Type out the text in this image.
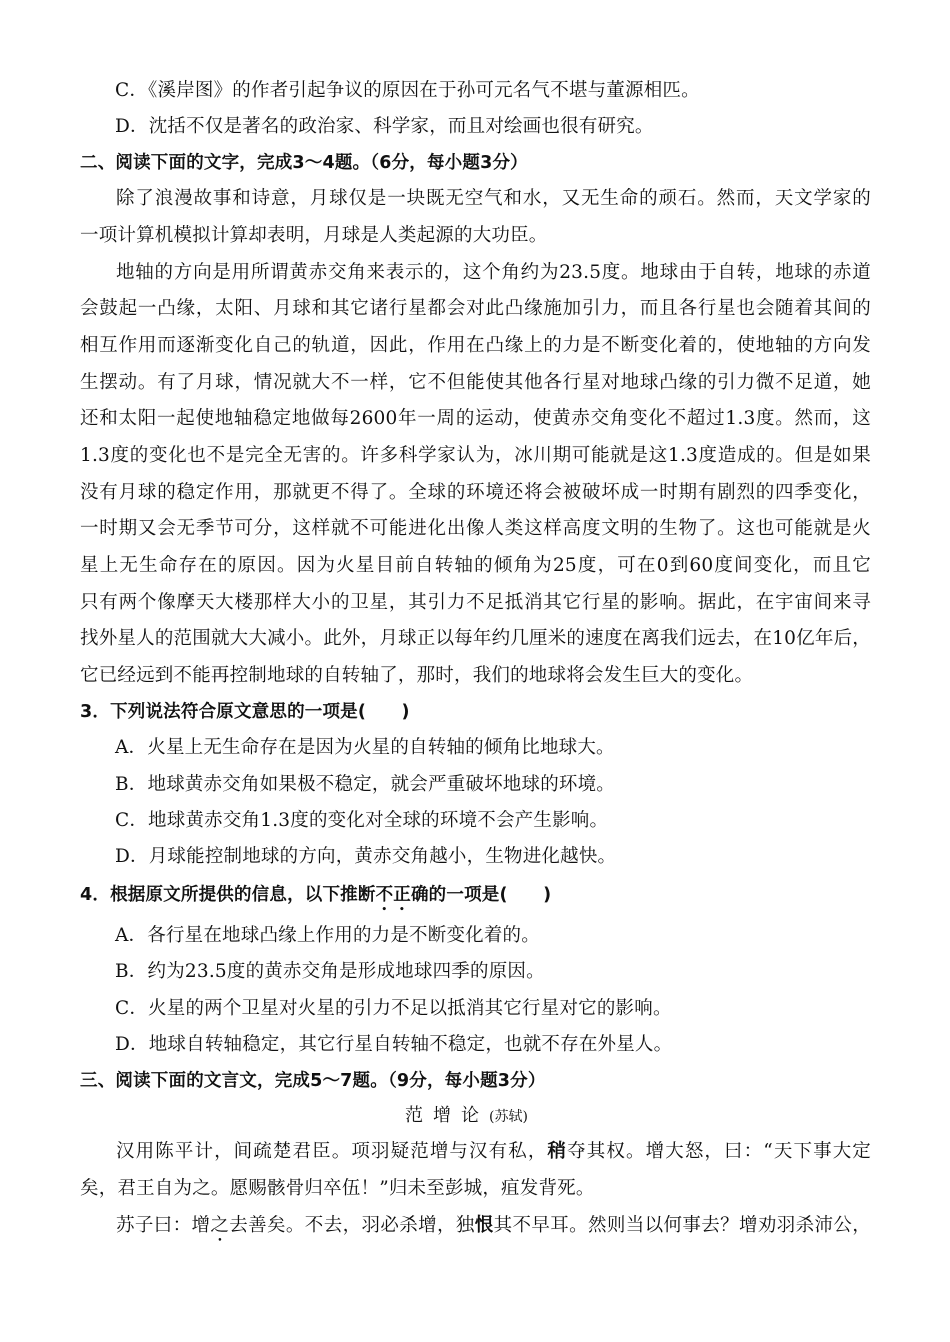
C．《溪岸图》的作者引起争议的原因在于孙可元名气不堪与董源相匹。
D．沈括不仅是著名的政治家、科学家，而且对绘画也很有研究。
二、阅读下面的文字，完成3～4题。（6分，每小题3分）
除了浪漫故事和诗意，月球仅是一块既无空气和水，又无生命的顽石。然而，天文学家的
一项计算机模拟计算却表明，月球是人类起源的大功臣。
地轴的方向是用所谓黄赤交角来表示的，这个角约为23.5度。地球由于自转，地球的赤道
会鼓起一凸缘，太阳、月球和其它诸行星都会对此凸缘施加引力，而且各行星也会随着其间的
相互作用而逐渐变化自己的轨道，因此，作用在凸缘上的力是不断变化着的，使地轴的方向发
生摆动。有了月球，情况就大不一样，它不但能使其他各行星对地球凸缘的引力微不足道，她
还和太阳一起使地轴稳定地做每2600年一周的运动，使黄赤交角变化不超过1.3度。然而，这
1.3度的变化也不是完全无害的。许多科学家认为，冰川期可能就是这1.3度造成的。但是如果
没有月球的稳定作用，那就更不得了。全球的环境还将会被破坏成一时期有剧烈的四季变化，
一时期又会无季节可分，这样就不可能进化出像人类这样高度文明的生物了。这也可能就是火
星上无生命存在的原因。因为火星目前自转轴的倾角为25度，可在0到60度间变化，而且它
只有两个像摩天大楼那样大小的卫星，其引力不足抵消其它行星的影响。据此，在宇宙间来寻
找外星人的范围就大大减小。此外，月球正以每年约几厘米的速度在离我们远去，在10亿年后，
它已经远到不能再控制地球的自转轴了，那时，我们的地球将会发生巨大的变化。
3．下列说法符合原文意思的一项是(　　)
A．火星上无生命存在是因为火星的自转轴的倾角比地球大。
B．地球黄赤交角如果极不稳定，就会严重破坏地球的环境。
C．地球黄赤交角1.3度的变化对全球的环境不会产生影响。
D．月球能控制地球的方向，黄赤交角越小，生物进化越快。
4．根据原文所提供的信息，以下推断不正确的一项是(　　)
A．各行星在地球凸缘上作用的力是不断变化着的。
B．约为23.5度的黄赤交角是形成地球四季的原因。
C．火星的两个卫星对火星的引力不足以抵消其它行星对它的影响。
D．地球自转轴稳定，其它行星自转轴不稳定，也就不存在外星人。
三、阅读下面的文言文，完成5～7题。（9分，每小题3分）
范增论(苏轼)
汉用陈平计，间疏楚君臣。项羽疑范增与汉有私，稍夺其权。增大怒，曰：“天下事大定
矣，君王自为之。愿赐骸骨归卒伍！”归未至彭城，疽发背死。
苏子曰：增之去善矣。不去，羽必杀增，独恨其不早耳。然则当以何事去？增劝羽杀沛公，
